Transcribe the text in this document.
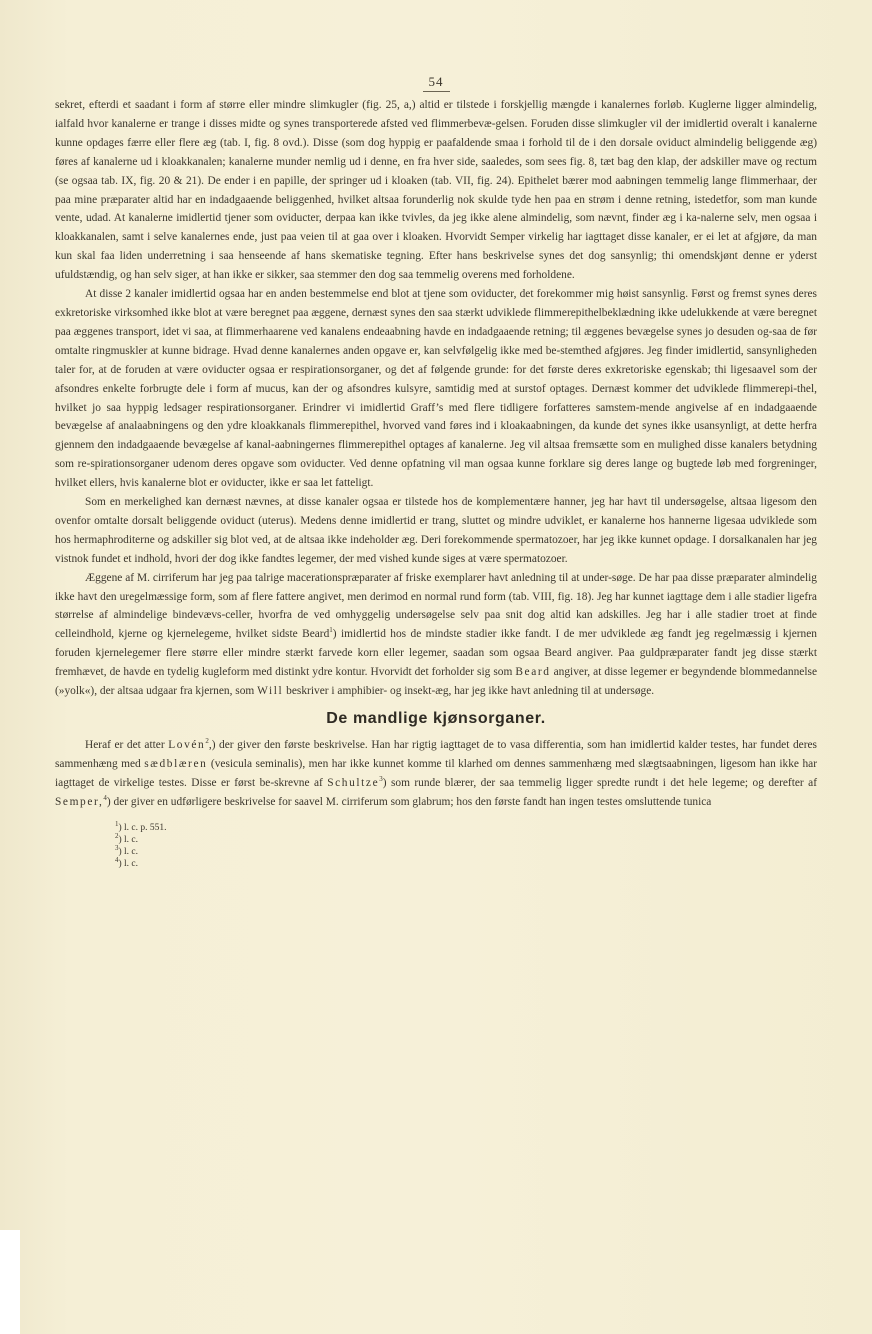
54

sekret, efterdi et saadant i form af større eller mindre slimkugler (fig. 25, a,) altid er tilstede i forskjellig mængde i kanalernes forløb. Kuglerne ligger almindelig, ialfald hvor kanalerne er trange i disses midte og synes transporterede afsted ved flimmerbevæ-gelsen. Foruden disse slimkugler vil der imidlertid overalt i kanalerne kunne opdages færre eller flere æg (tab. I, fig. 8 ovd.). Disse (som dog hyppig er paafaldende smaa i forhold til de i den dorsale oviduct almindelig beliggende æg) føres af kanalerne ud i kloakkanalen; kanalerne munder nemlig ud i denne, en fra hver side, saaledes, som sees fig. 8, tæt bag den klap, der adskiller mave og rectum (se ogsaa tab. IX, fig. 20 & 21). De ender i en papille, der springer ud i kloaken (tab. VII, fig. 24). Epithelet bærer mod aabningen temmelig lange flimmerhaar, der paa mine præparater altid har en indadgaaende beliggenhed, hvilket altsaa forunderlig nok skulde tyde hen paa en strøm i denne retning, istedetfor, som man kunde vente, udad. At kanalerne imidlertid tjener som oviducter, derpaa kan ikke tvivles, da jeg ikke alene almindelig, som nævnt, finder æg i ka-nalerne selv, men ogsaa i kloakkanalen, samt i selve kanalernes ende, just paa veien til at gaa over i kloaken. Hvorvidt Semper virkelig har iagttaget disse kanaler, er ei let at afgjøre, da man kun skal faa liden underretning i saa henseende af hans skematiske tegning. Efter hans beskrivelse synes det dog sansynlig; thi omendskjønt denne er yderst ufuldstændig, og han selv siger, at han ikke er sikker, saa stemmer den dog saa temmelig overens med forholdene.

At disse 2 kanaler imidlertid ogsaa har en anden bestemmelse end blot at tjene som oviducter, det forekommer mig høist sansynlig. Først og fremst synes deres exkretoriske virksomhed ikke blot at være beregnet paa æggene, dernæst synes den saa stærkt udviklede flimmerepithelbeklædning ikke udelukkende at være beregnet paa æggenes transport, idet vi saa, at flimmerhaarene ved kanalens endeaabning havde en indadgaaende retning; til æggenes bevægelse synes jo desuden og-saa de før omtalte ringmuskler at kunne bidrage. Hvad denne kanalernes anden opgave er, kan selvfølgelig ikke med be-stemthed afgjøres. Jeg finder imidlertid, sansynligheden taler for, at de foruden at være oviducter ogsaa er respirationsorganer, og det af følgende grunde: for det første deres exkretoriske egenskab; thi ligesaavel som der afsondres enkelte forbrugte dele i form af mucus, kan der og afsondres kulsyre, samtidig med at surstof optages. Dernæst kommer det udviklede flimmerepi-thel, hvilket jo saa hyppig ledsager respirationsorganer. Erindrer vi imidlertid Graff’s med flere tidligere forfatteres samstem-mende angivelse af en indadgaaende bevægelse af analaabningens og den ydre kloakkanals flimmerepithel, hvorved vand føres ind i kloakaabningen, da kunde det synes ikke usansynligt, at dette herfra gjennem den indadgaaende bevægelse af kanal-aabningernes flimmerepithel optages af kanalerne. Jeg vil altsaa fremsætte som en mulighed disse kanalers betydning som re-spirationsorganer udenom deres opgave som oviducter. Ved denne opfatning vil man ogsaa kunne forklare sig deres lange og bugtede løb med forgreninger, hvilket ellers, hvis kanalerne blot er oviducter, ikke er saa let fatteligt.

Som en merkelighed kan dernæst nævnes, at disse kanaler ogsaa er tilstede hos de komplementære hanner, jeg har havt til undersøgelse, altsaa ligesom den ovenfor omtalte dorsalt beliggende oviduct (uterus). Medens denne imidlertid er trang, sluttet og mindre udviklet, er kanalerne hos hannerne ligesaa udviklede som hos hermaphroditerne og adskiller sig blot ved, at de altsaa ikke indeholder æg. Deri forekommende spermatozoer, har jeg ikke kunnet opdage. I dorsalkanalen har jeg vistnok fundet et indhold, hvori der dog ikke fandtes legemer, der med vished kunde siges at være spermatozoer.

Æggene af M. cirriferum har jeg paa talrige macerationspræparater af friske exemplarer havt anledning til at under-søge. De har paa disse præparater almindelig ikke havt den uregelmæssige form, som af flere fattere angivet, men derimod en normal rund form (tab. VIII, fig. 18). Jeg har kunnet iagttage dem i alle stadier ligefra størrelse af almindelige bindevævs-celler, hvorfra de ved omhyggelig undersøgelse selv paa snit dog altid kan adskilles. Jeg har i alle stadier troet at finde celleindhold, kjerne og kjernelegeme, hvilket sidste Beard$^1$) imidlertid hos de mindste stadier ikke fandt. I de mer udviklede æg fandt jeg regelmæssig i kjernen foruden kjernelegemer flere større eller mindre stærkt farvede korn eller legemer, saadan som ogsaa Beard angiver. Paa guldpræparater fandt jeg disse stærkt fremhævet, de havde en tydelig kugleform med distinkt ydre kontur. Hvorvidt det forholder sig som Beard angiver, at disse legemer er begyndende blommedannelse (»yolk«), der altsaa udgaar fra kjernen, som Will beskriver i amphibier- og insekt-æg, har jeg ikke havt anledning til at undersøge.

De mandlige kjønsorganer.

Heraf er det atter Lovén$^2$,) der giver den første beskrivelse. Han har rigtig iagttaget de to vasa differentia, som han imidlertid kalder testes, har fundet deres sammenhæng med sædblæren (vesicula seminalis), men har ikke kunnet komme til klarhed om dennes sammenhæng med slægtsaabningen, ligesom han ikke har iagttaget de virkelige testes. Disse er først be-skrevne af Schultze$^3$) som runde blærer, der saa temmelig ligger spredte rundt i det hele legeme; og derefter af Semper,$^4$) der giver en udførligere beskrivelse for saavel M. cirriferum som glabrum; hos den første fandt han ingen testes omsluttende tunica

$^1$) l. c. p. 551.

$^2$) l. c.

$^3$) l. c.

$^4$) l. c.
